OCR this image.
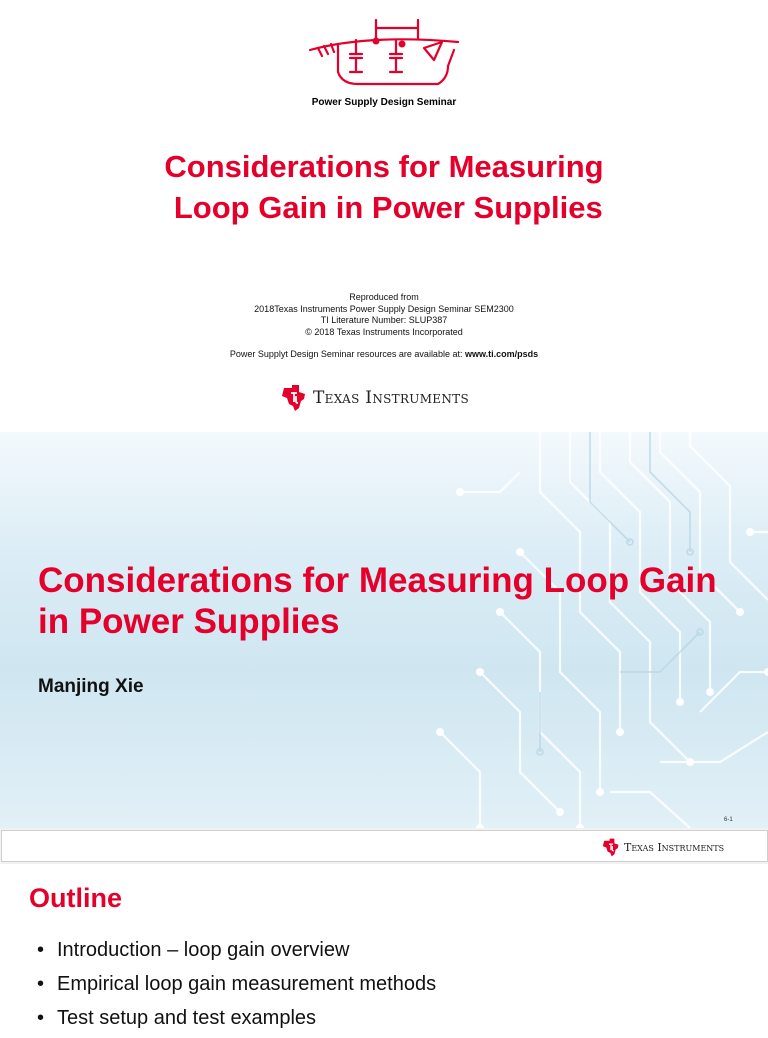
Power Supply Design Seminar
Considerations for Measuring
Loop Gain in Power Supplies
Reproduced from
2018Texas Instruments Power Supply Design Seminar SEM2300
TI Literature Number: SLUP387
© 2018 Texas Instruments Incorporated
Power Supplyt Design Seminar resources are available at: www.ti.com/psds
Texas Instruments
Considerations for Measuring Loop Gain in Power Supplies
Manjing Xie
6-1
Texas Instruments
Outline
• Introduction – loop gain overview
• Empirical loop gain measurement methods
• Test setup and test examples
